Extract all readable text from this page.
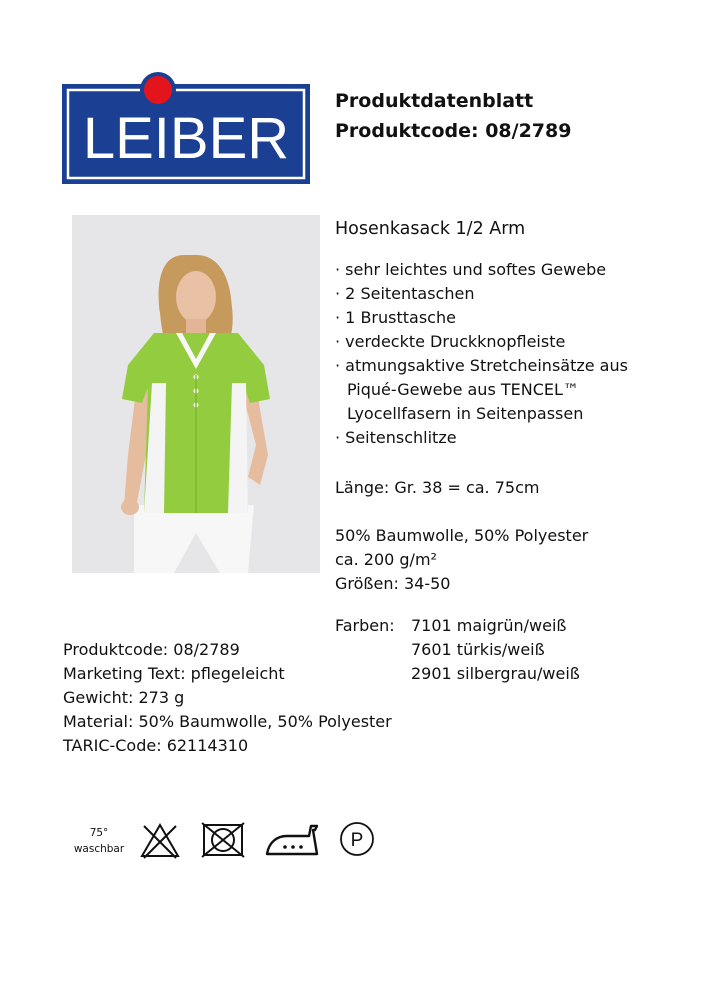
LEIBER
Produktdatenblatt
Produktcode: 08/2789
Hosenkasack 1/2 Arm
· sehr leichtes und softes Gewebe
· 2 Seitentaschen
· 1 Brusttasche
· verdeckte Druckknopfleiste
· atmungsaktive Stretcheinsätze aus
Piqué-Gewebe aus TENCEL™
Lyocellfasern in Seitenpassen
· Seitenschlitze
Länge: Gr. 38 = ca. 75cm
50% Baumwolle, 50% Polyester
ca. 200 g/m²
Größen: 34-50
Farben: 7101 maigrün/weiß
7601 türkis/weiß
2901 silbergrau/weiß
Produktcode: 08/2789
Marketing Text: pflegeleicht
Gewicht: 273 g
Material: 50% Baumwolle, 50% Polyester
TARIC-Code: 62114310
75°
waschbar	P
